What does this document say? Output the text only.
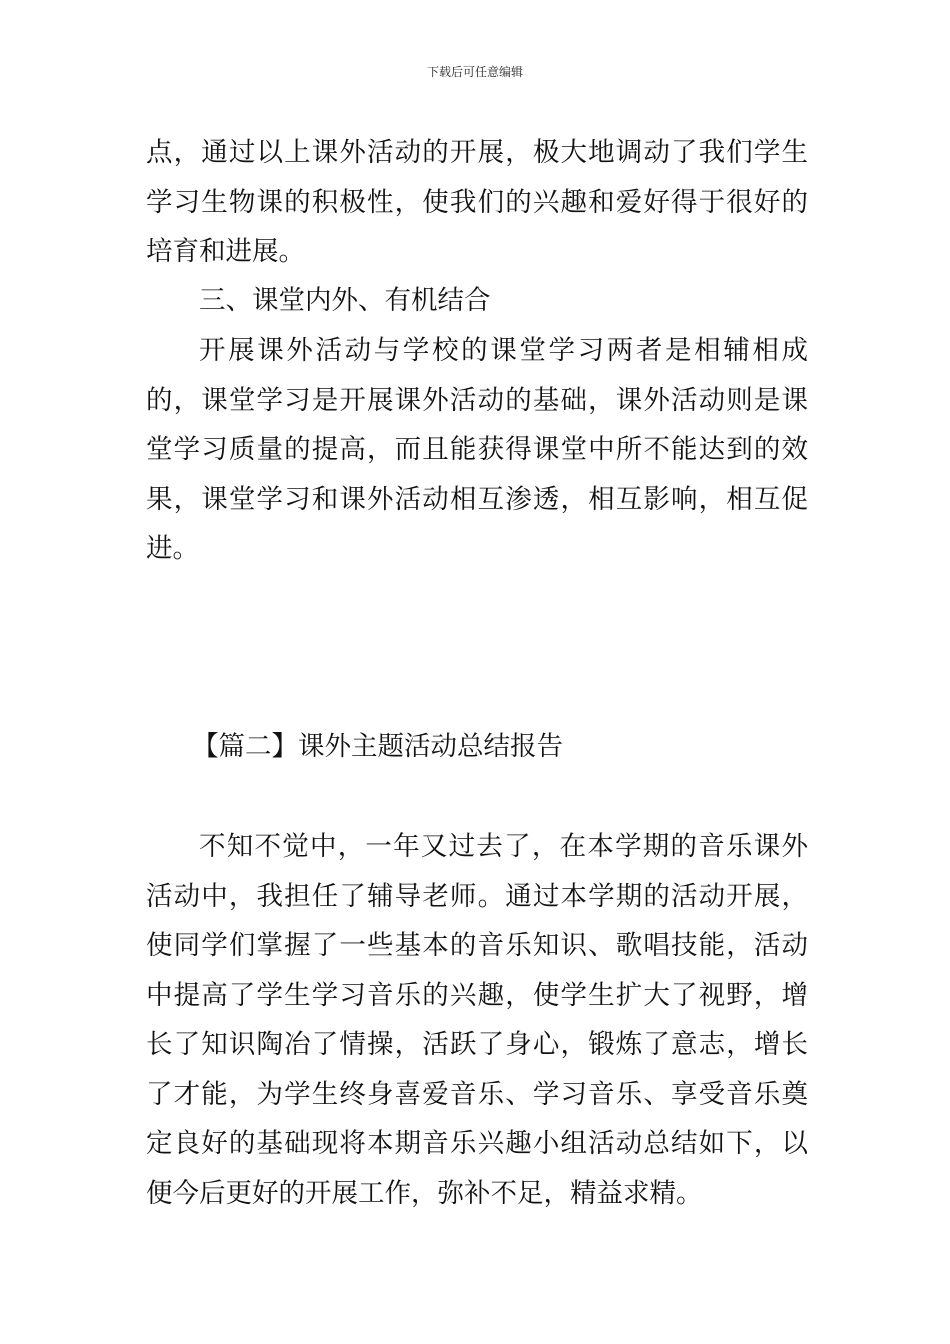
下载后可任意编辑

点，通过以上课外活动的开展，极大地调动了我们学生学习生物课的积极性，使我们的兴趣和爱好得于很好的培育和进展。

三、课堂内外、有机结合

开展课外活动与学校的课堂学习两者是相辅相成的，课堂学习是开展课外活动的基础，课外活动则是课堂学习质量的提高，而且能获得课堂中所不能达到的效果，课堂学习和课外活动相互渗透，相互影响，相互促进。

【篇二】课外主题活动总结报告

不知不觉中，一年又过去了，在本学期的音乐课外活动中，我担任了辅导老师。通过本学期的活动开展，使同学们掌握了一些基本的音乐知识、歌唱技能，活动中提高了学生学习音乐的兴趣，使学生扩大了视野，增长了知识陶冶了情操，活跃了身心，锻炼了意志，增长了才能，为学生终身喜爱音乐、学习音乐、享受音乐奠定良好的基础现将本期音乐兴趣小组活动总结如下，以便今后更好的开展工作，弥补不足，精益求精。
